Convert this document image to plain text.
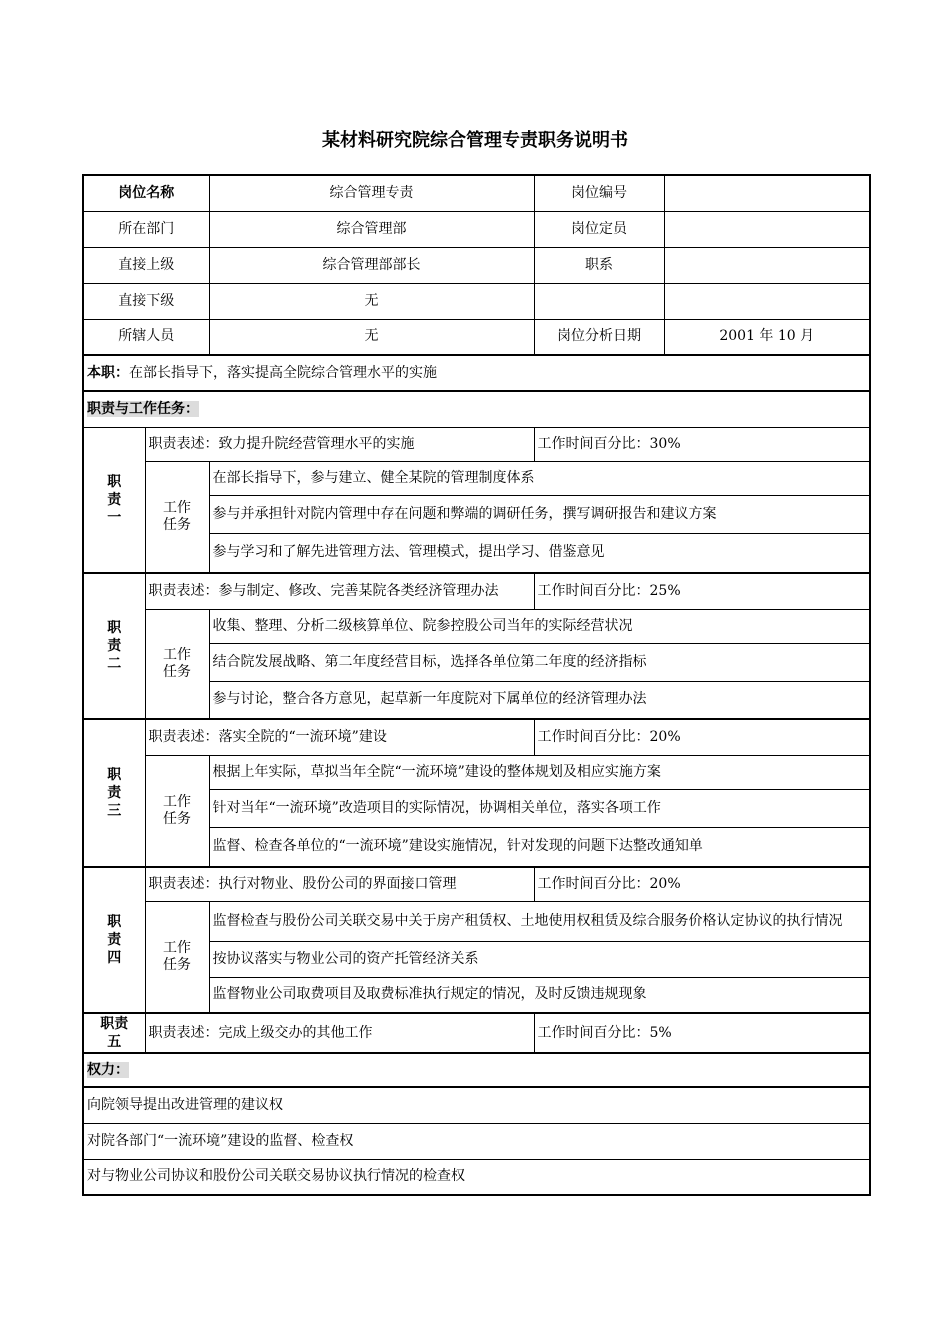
某材料研究院综合管理专责职务说明书
岗位名称		综合管理专责	岗位编号	
所在部门		综合管理部	岗位定员	
直接上级		综合管理部部长	职系	
直接下级		无		
所辖人员		无	岗位分析日期	2001 年 10 月
本职：在部长指导下，落实提高全院综合管理水平的实施				
职责与工作任务：				

职责一	职责表述：致力提升院经营管理水平的实施		工作时间百分比：30%	

	工作任务	在部长指导下，参与建立、健全某院的管理制度体系		
		参与并承担针对院内管理中存在问题和弊端的调研任务，撰写调研报告和建议方案		
		参与学习和了解先进管理方法、管理模式，提出学习、借鉴意见		

职责二	职责表述：参与制定、修改、完善某院各类经济管理办法		工作时间百分比：25%	

	工作任务	收集、整理、分析二级核算单位、院参控股公司当年的实际经营状况		
		结合院发展战略、第二年度经营目标，选择各单位第二年度的经济指标		
		参与讨论，整合各方意见，起草新一年度院对下属单位的经济管理办法		

职责三	职责表述：落实全院的“一流环境”建设		工作时间百分比：20%	

	工作任务	根据上年实际，草拟当年全院“一流环境”建设的整体规划及相应实施方案		
		针对当年“一流环境”改造项目的实际情况，协调相关单位，落实各项工作		
		监督、检查各单位的“一流环境”建设实施情况，针对发现的问题下达整改通知单		

职责四	职责表述：执行对物业、股份公司的界面接口管理		工作时间百分比：20%	

	工作任务	监督检查与股份公司关联交易中关于房产租赁权、土地使用权租赁及综合服务价格认定协议的执行情况		
		按协议落实与物业公司的资产托管经济关系		
		监督物业公司取费项目及取费标准执行规定的情况，及时反馈违规现象		

职责五	职责表述：完成上级交办的其他工作		工作时间百分比：5%	
权力：				
向院领导提出改进管理的建议权				
对院各部门“一流环境”建设的监督、检查权				
对与物业公司协议和股份公司关联交易协议执行情况的检查权				
